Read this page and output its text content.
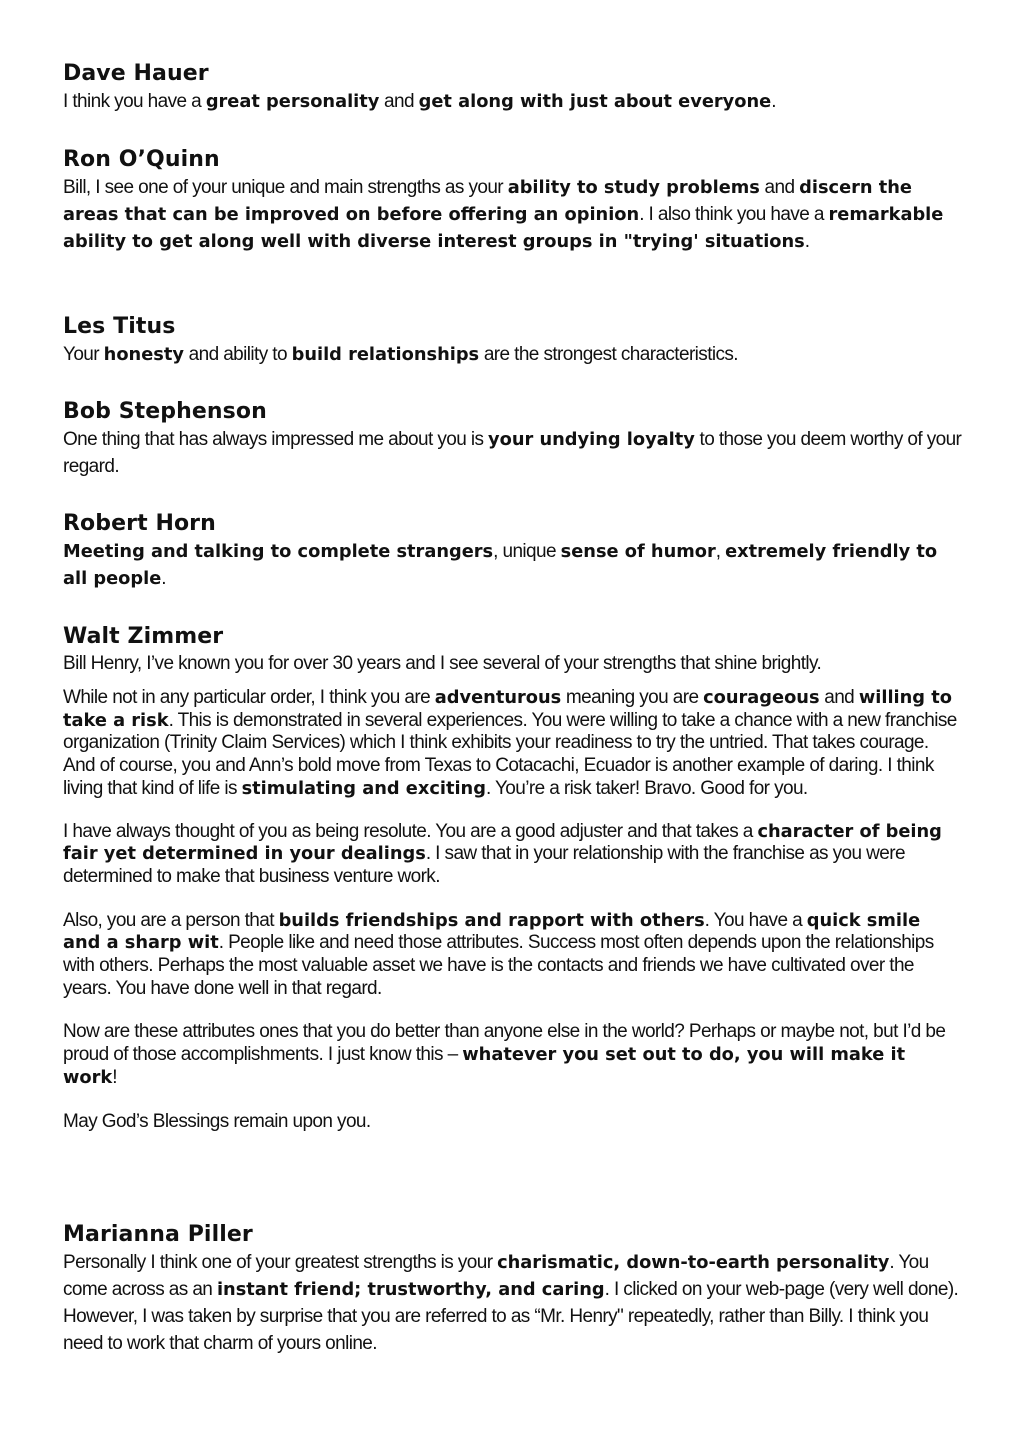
Dave Hauer

I think you have a great personality and get along with just about everyone.

Ron O’Quinn

Bill, I see one of your unique and main strengths as your ability to study problems and discern the areas that can be improved on before offering an opinion. I also think you have a remarkable ability to get along well with diverse interest groups in "trying' situations.

Les Titus

Your honesty and ability to build relationships are the strongest characteristics.

Bob Stephenson

One thing that has always impressed me about you is your undying loyalty to those you deem worthy of your regard.

Robert Horn

Meeting and talking to complete strangers, unique sense of humor, extremely friendly to all people.

Walt Zimmer

Bill Henry, I’ve known you for over 30 years and I see several of your strengths that shine brightly.

While not in any particular order, I think you are adventurous meaning you are courageous and willing to take a risk. This is demonstrated in several experiences. You were willing to take a chance with a new franchise organization (Trinity Claim Services) which I think exhibits your readiness to try the untried. That takes courage. And of course, you and Ann’s bold move from Texas to Cotacachi, Ecuador is another example of daring. I think living that kind of life is stimulating and exciting. You’re a risk taker! Bravo. Good for you.

I have always thought of you as being resolute. You are a good adjuster and that takes a character of being fair yet determined in your dealings. I saw that in your relationship with the franchise as you were determined to make that business venture work.

Also, you are a person that builds friendships and rapport with others. You have a quick smile and a sharp wit. People like and need those attributes. Success most often depends upon the relationships with others. Perhaps the most valuable asset we have is the contacts and friends we have cultivated over the years. You have done well in that regard.

Now are these attributes ones that you do better than anyone else in the world? Perhaps or maybe not, but I’d be proud of those accomplishments. I just know this – whatever you set out to do, you will make it work!

May God’s Blessings remain upon you.

Marianna Piller

Personally I think one of your greatest strengths is your charismatic, down-to-earth personality. You come across as an instant friend; trustworthy, and caring. I clicked on your web-page (very well done). However, I was taken by surprise that you are referred to as “Mr. Henry" repeatedly, rather than Billy. I think you need to work that charm of yours online.
